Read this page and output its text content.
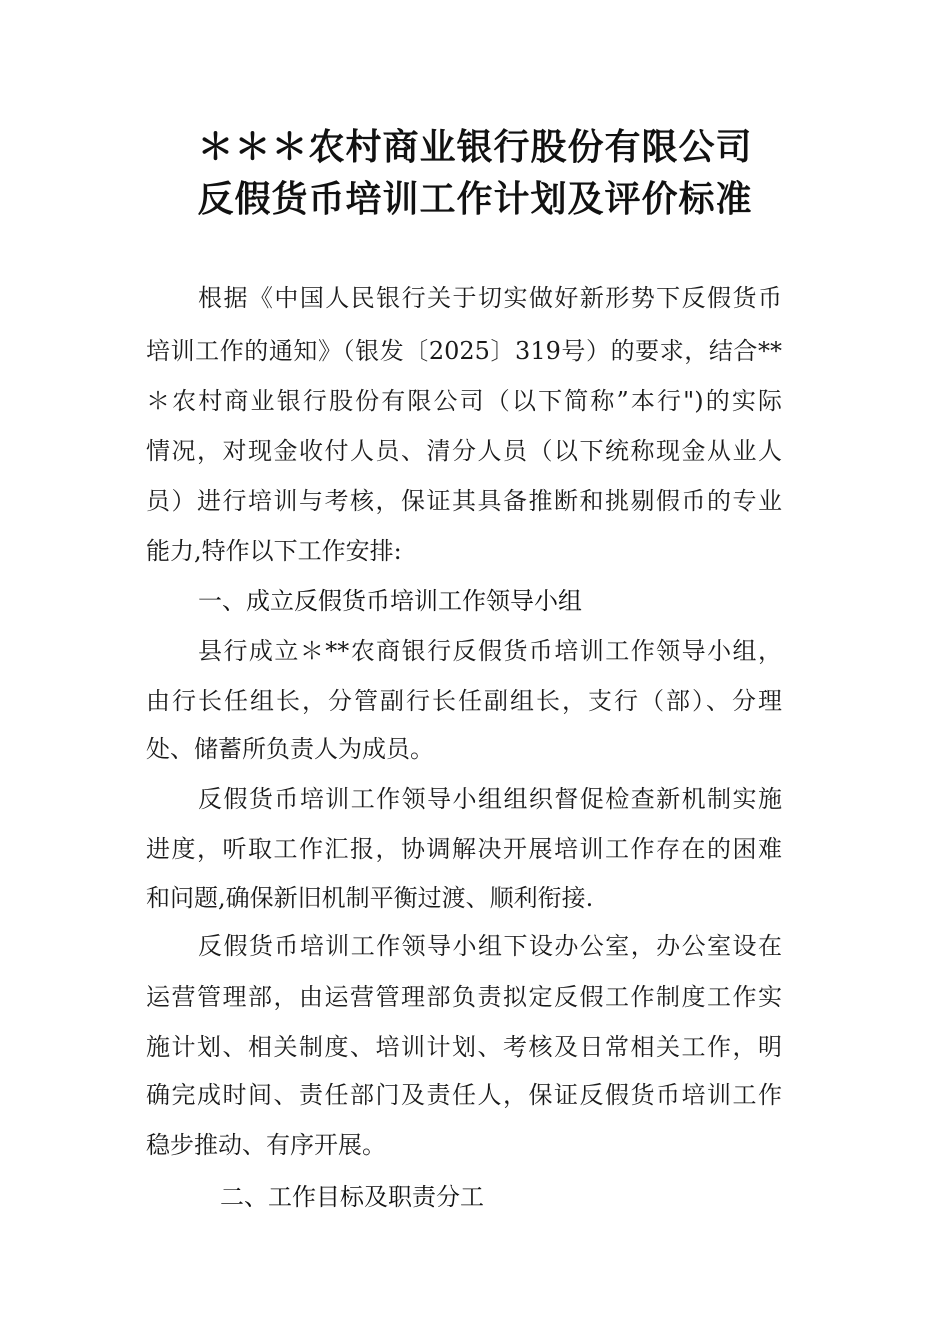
＊＊＊农村商业银行股份有限公司
反假货币培训工作计划及评价标准
根据《中国人民银行关于切实做好新形势下反假货币
培训工作的通知》（银发〔2025〕319号）的要求，结合**
＊农村商业银行股份有限公司（以下简称”本行")的实际
情况，对现金收付人员、清分人员（以下统称现金从业人
员）进行培训与考核，保证其具备推断和挑剔假币的专业
能力,特作以下工作安排:
一、成立反假货币培训工作领导小组
县行成立＊**农商银行反假货币培训工作领导小组，
由行长任组长，分管副行长任副组长，支行（部）、分理
处、储蓄所负责人为成员。
反假货币培训工作领导小组组织督促检查新机制实施
进度，听取工作汇报，协调解决开展培训工作存在的困难
和问题,确保新旧机制平衡过渡、顺利衔接.
反假货币培训工作领导小组下设办公室，办公室设在
运营管理部，由运营管理部负责拟定反假工作制度工作实
施计划、相关制度、培训计划、考核及日常相关工作，明
确完成时间、责任部门及责任人，保证反假货币培训工作
稳步推动、有序开展。
二、工作目标及职责分工
